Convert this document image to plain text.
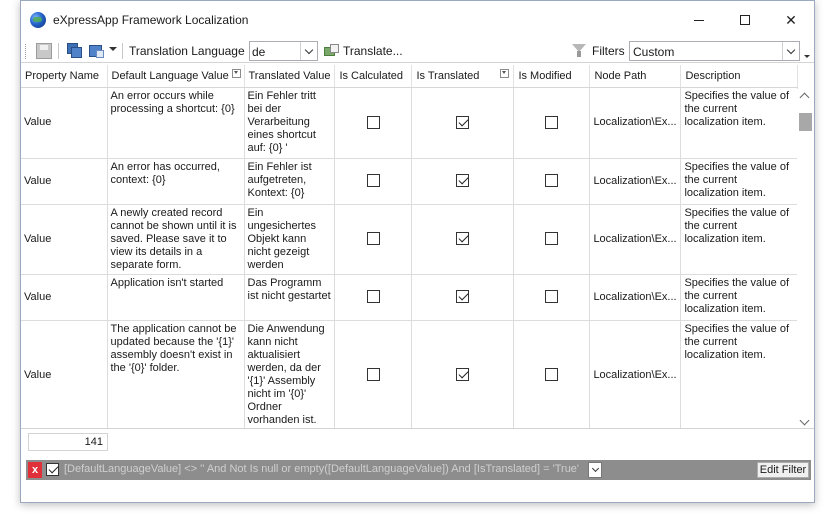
eXpressApp Framework Localization	✕
Translation Language de	Translate...	Filters Custom
Property Name	Default Language Value	Translated Value	Is Calculated	Is Translated	Is Modified	Node Path	Description
Value	An error occurs while processing a shortcut: {0}	Ein Fehler tritt bei der Verarbeitung eines shortcut auf: {0} '				Localization\Ex...	Specifies the value of the current localization item.
Value	An error has occurred, context: {0}	Ein Fehler ist aufgetreten, Kontext: {0}				Localization\Ex...	Specifies the value of the current localization item.
Value	A newly created record cannot be shown until it is saved. Please save it to view its details in a separate form.	Ein ungesichertes Objekt kann nicht gezeigt werden				Localization\Ex...	Specifies the value of the current localization item.
Value	Application isn't started	Das Programm ist nicht gestartet				Localization\Ex...	Specifies the value of the current localization item.
Value	The application cannot be updated because the '{1}' assembly doesn't exist in the '{0}' folder.	Die Anwendung kann nicht aktualisiert werden, da der '{1}' Assembly nicht im '{0}' Ordner vorhanden ist.				Localization\Ex...	Specifies the value of the current localization item.
141
x	[DefaultLanguageValue] <> '' And Not Is null or empty([DefaultLanguageValue]) And [IsTranslated] = 'True'	Edit Filter
